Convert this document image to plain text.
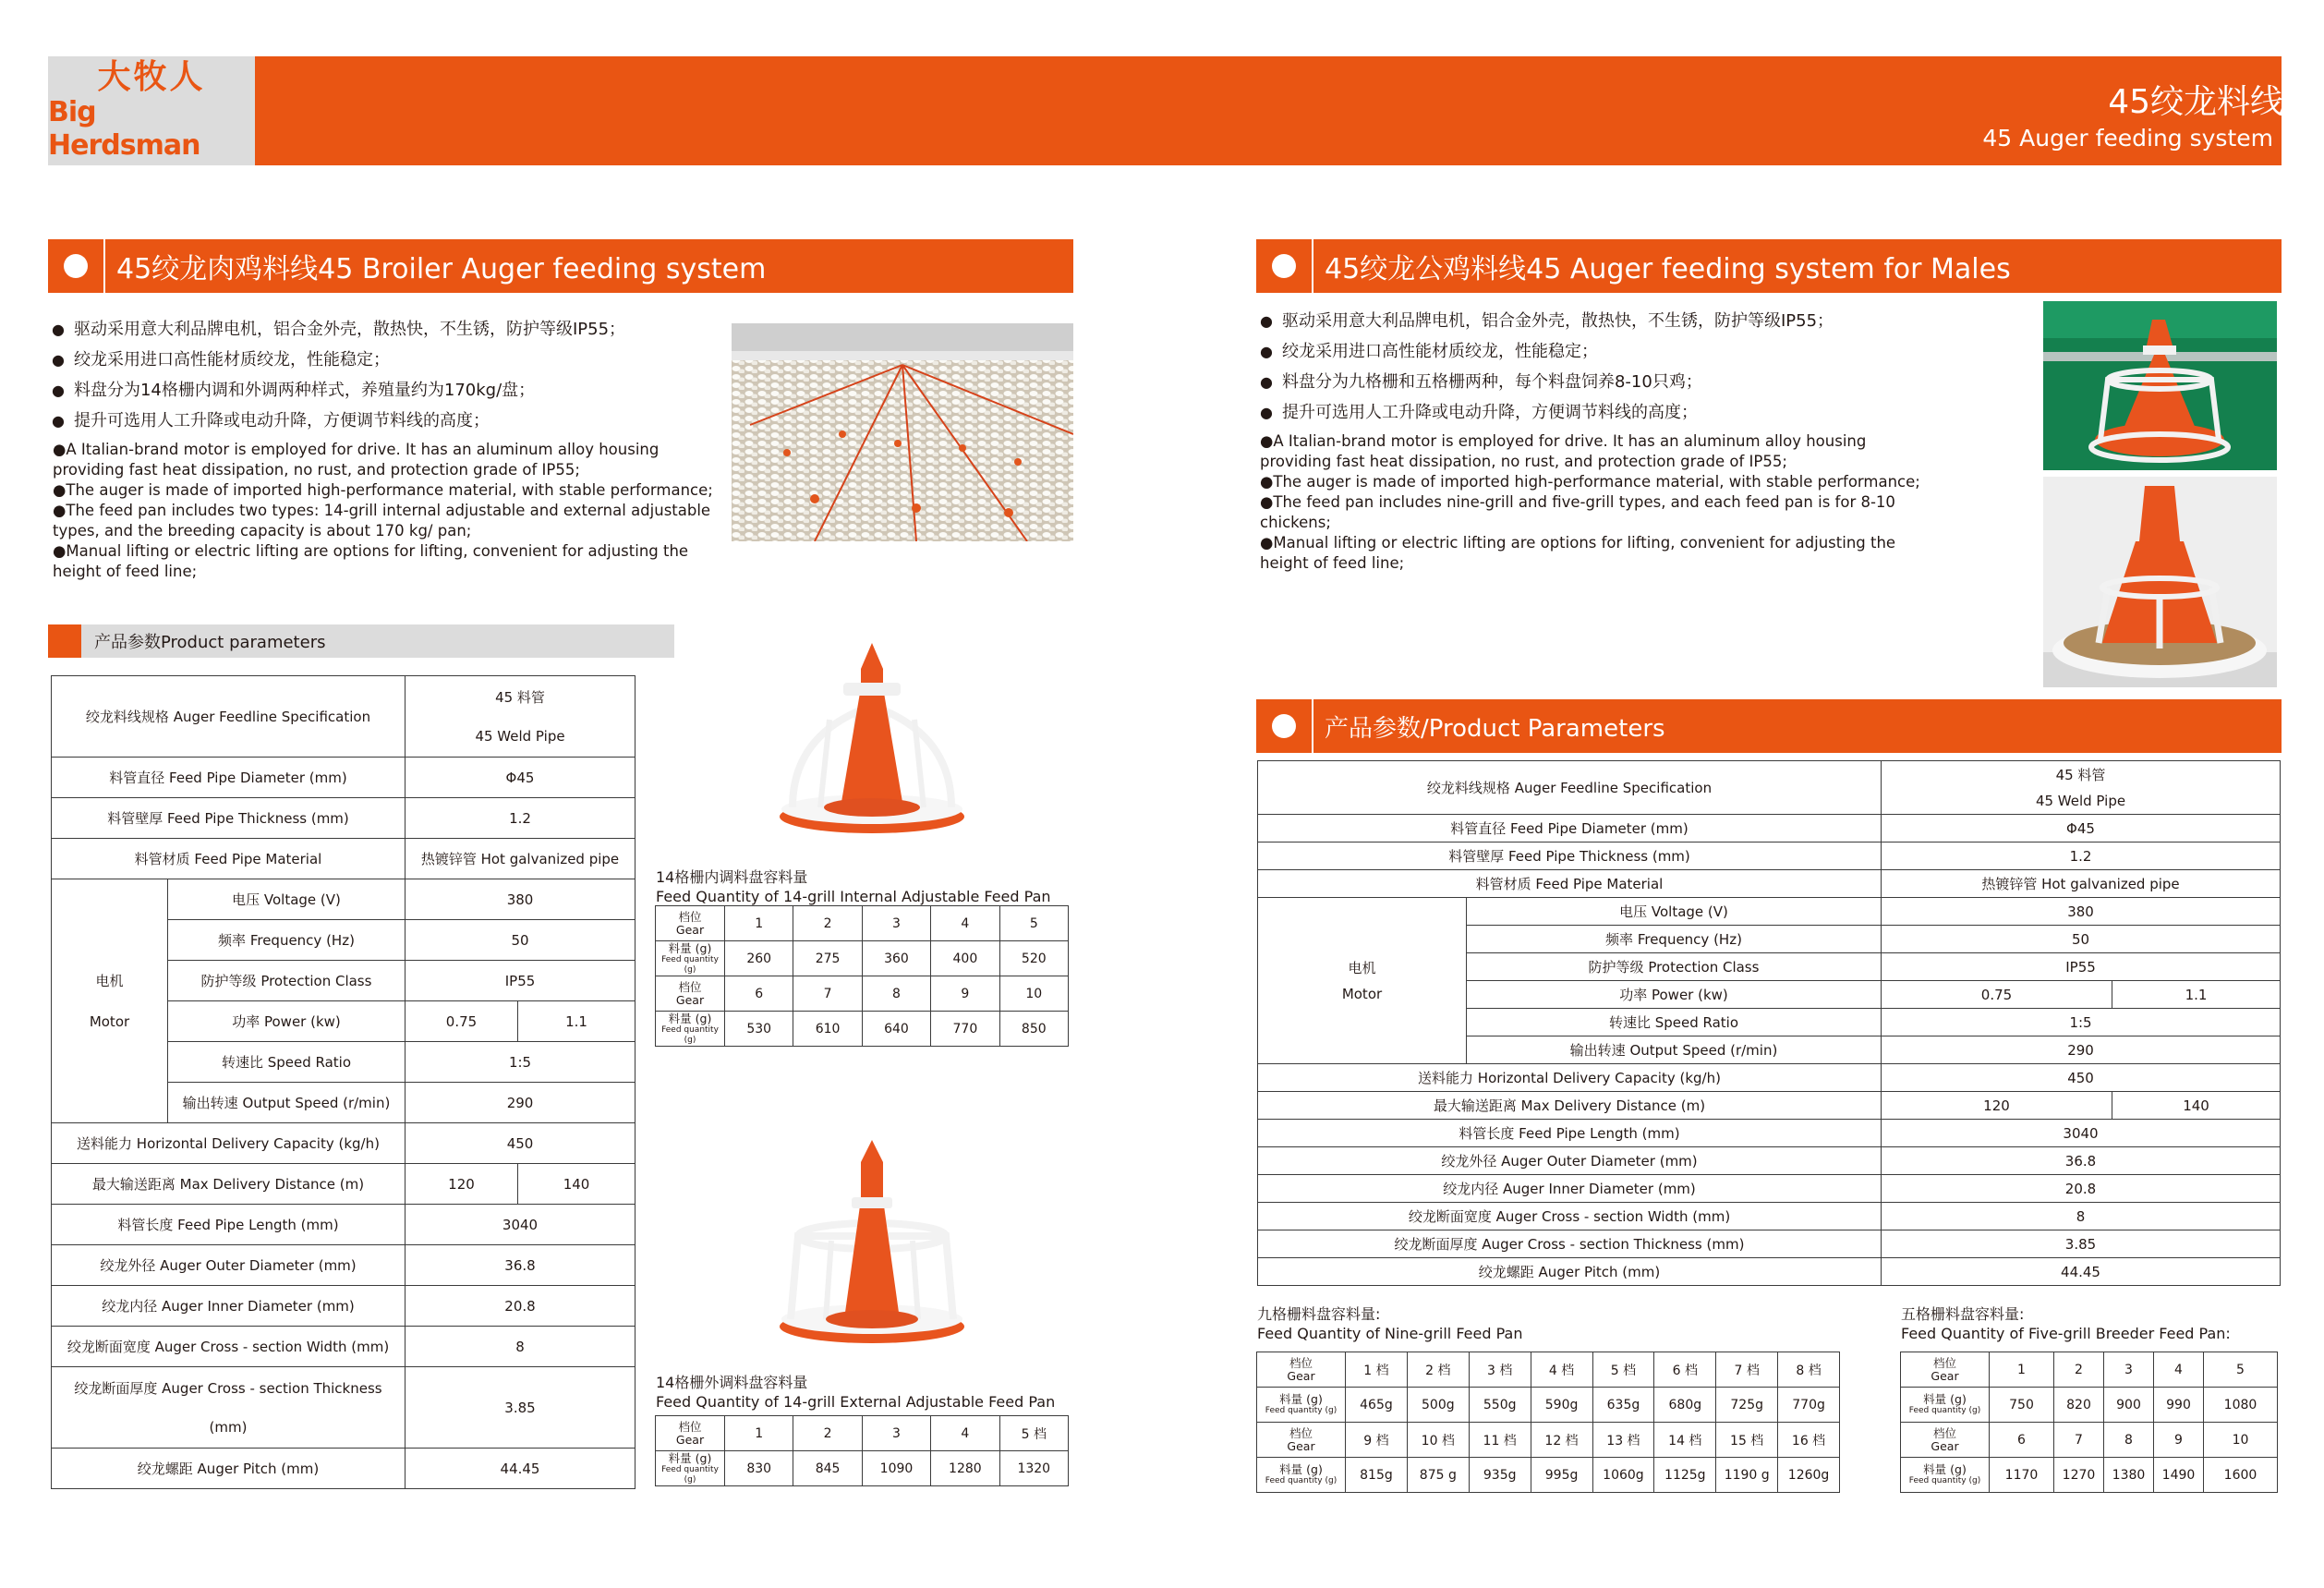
大牧人
Big Herdsman
45绞龙料线
45 Auger feeding system
45绞龙肉鸡料线45 Broiler Auger feeding system
● 驱动采用意大利品牌电机，铝合金外壳，散热快，不生锈，防护等级IP55；
● 绞龙采用进口高性能材质绞龙，性能稳定；
● 料盘分为14格栅内调和外调两种样式，养殖量约为170kg/盘；
● 提升可选用人工升降或电动升降，方便调节料线的高度；
●A Italian-brand motor is employed for drive. It has an aluminum alloy housing providing fast heat dissipation, no rust, and protection grade of IP55;
●The auger is made of imported high-performance material, with stable performance;
●The feed pan includes two types: 14-grill internal adjustable and external adjustable types, and the breeding capacity is about 170 kg/ pan;
●Manual lifting or electric lifting are options for lifting, convenient for adjusting the height of feed line;
产品参数Product parameters
绞龙料线规格 Auger Feedline Specification		45 料管
45 Weld Pipe	

料管直径 Feed Pipe Diameter (mm)		Φ45	
料管壁厚 Feed Pipe Thickness (mm)		1.2	
料管材质 Feed Pipe Material		热镀锌管 Hot galvanized pipe	

电机
Motor	电压 Voltage (V)	380	
	频率 Frequency (Hz)	50	
	防护等级 Protection Class	IP55	
	功率 Power (kw)	0.75	1.1
	转速比 Speed Ratio	1:5	
	输出转速 Output Speed (r/min)	290	
送料能力 Horizontal Delivery Capacity (kg/h)		450	
最大输送距离 Max Delivery Distance (m)		120	140
料管长度 Feed Pipe Length (mm)		3040	
绞龙外径 Auger Outer Diameter (mm)		36.8	
绞龙内径 Auger Inner Diameter (mm)		20.8	
绞龙断面宽度 Auger Cross - section Width (mm)		8	

绞龙断面厚度 Auger Cross - section Thickness
(mm)		3.85	
绞龙螺距 Auger Pitch (mm)		44.45	
14格栅内调料盘容料量
Feed Quantity of 14-grill Internal Adjustable Feed Pan
档位
Gear	1	2	3	4	5
料量 (g)
Feed quantity (g)	260	275	360	400	520
档位
Gear	6	7	8	9	10
料量 (g)
Feed quantity (g)	530	610	640	770	850
14格栅外调料盘容料量
Feed Quantity of 14-grill External Adjustable Feed Pan
档位
Gear	1	2	3	4	5 档
料量 (g)
Feed quantity (g)	830	845	1090	1280	1320
45绞龙公鸡料线45 Auger feeding system for Males
● 驱动采用意大利品牌电机，铝合金外壳，散热快，不生锈，防护等级IP55；
● 绞龙采用进口高性能材质绞龙，性能稳定；
● 料盘分为九格栅和五格栅两种，每个料盘饲养8-10只鸡；
● 提升可选用人工升降或电动升降，方便调节料线的高度；
●A Italian-brand motor is employed for drive. It has an aluminum alloy housing providing fast heat dissipation, no rust, and protection grade of IP55;
●The auger is made of imported high-performance material, with stable performance;
●The feed pan includes nine-grill and five-grill types, and each feed pan is for 8-10 chickens;
●Manual lifting or electric lifting are options for lifting, convenient for adjusting the height of feed line;
产品参数/Product Parameters
绞龙料线规格 Auger Feedline Specification		45 料管
45 Weld Pipe	

料管直径 Feed Pipe Diameter (mm)		Φ45	
料管壁厚 Feed Pipe Thickness (mm)		1.2	
料管材质 Feed Pipe Material		热镀锌管 Hot galvanized pipe	

电机
Motor	电压 Voltage (V)	380	
	频率 Frequency (Hz)	50	
	防护等级 Protection Class	IP55	
	功率 Power (kw)	0.75	1.1
	转速比 Speed Ratio	1:5	
	输出转速 Output Speed (r/min)	290	
送料能力 Horizontal Delivery Capacity (kg/h)		450	
最大输送距离 Max Delivery Distance (m)		120	140
料管长度 Feed Pipe Length (mm)		3040	
绞龙外径 Auger Outer Diameter (mm)		36.8	
绞龙内径 Auger Inner Diameter (mm)		20.8	
绞龙断面宽度 Auger Cross - section Width (mm)		8	
绞龙断面厚度 Auger Cross - section Thickness (mm)		3.85	
绞龙螺距 Auger Pitch (mm)		44.45	
九格栅料盘容料量:
Feed Quantity of Nine-grill Feed Pan
档位
Gear	1 档	2 档	3 档	4 档	5 档	6 档	7 档	8 档
料量 (g)
Feed quantity (g)	465g	500g	550g	590g	635g	680g	725g	770g
档位
Gear	9 档	10 档	11 档	12 档	13 档	14 档	15 档	16 档
料量 (g)
Feed quantity (g)	815g	875 g	935g	995g	1060g	1125g	1190 g	1260g
五格栅料盘容料量:
Feed Quantity of Five-grill Breeder Feed Pan:
档位
Gear	1	2	3	4	5
料量 (g)
Feed quantity (g)	750	820	900	990	1080
档位
Gear	6	7	8	9	10
料量 (g)
Feed quantity (g)	1170	1270	1380	1490	1600
